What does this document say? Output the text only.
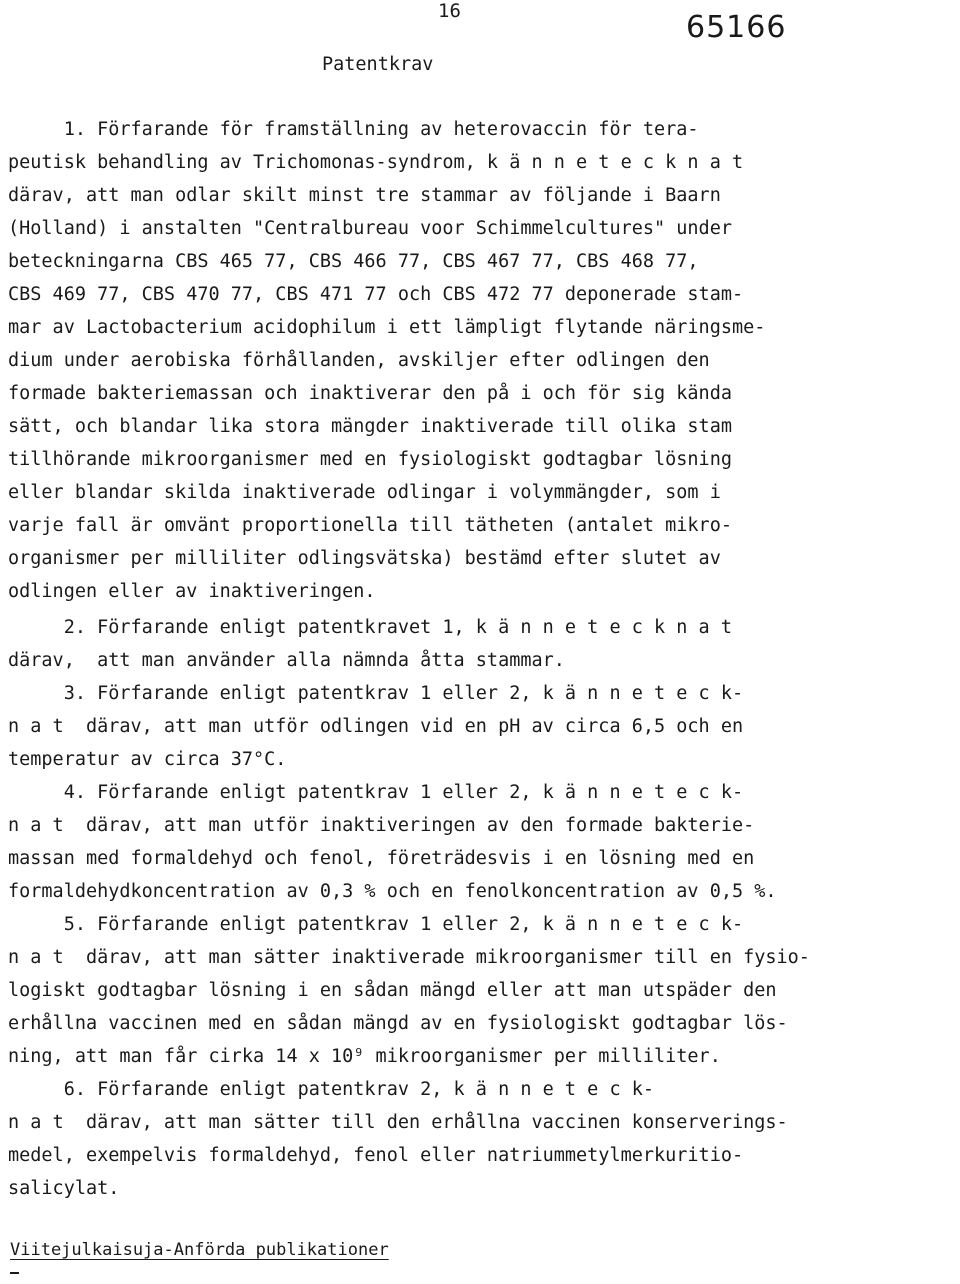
16	65166
Patentkrav
1. Förfarande för framställning av heterovaccin för tera-
peutisk behandling av Trichomonas-syndrom, k ä n n e t e c k n a t
därav, att man odlar skilt minst tre stammar av följande i Baarn
(Holland) i anstalten "Centralbureau voor Schimmelcultures" under
beteckningarna CBS 465 77, CBS 466 77, CBS 467 77, CBS 468 77,
CBS 469 77, CBS 470 77, CBS 471 77 och CBS 472 77 deponerade stam-
mar av Lactobacterium acidophilum i ett lämpligt flytande näringsme-
dium under aerobiska förhållanden, avskiljer efter odlingen den
formade bakteriemassan och inaktiverar den på i och för sig kända
sätt, och blandar lika stora mängder inaktiverade till olika stam
tillhörande mikroorganismer med en fysiologiskt godtagbar lösning
eller blandar skilda inaktiverade odlingar i volymmängder, som i
varje fall är omvänt proportionella till tätheten (antalet mikro-
organismer per milliliter odlingsvätska) bestämd efter slutet av
odlingen eller av inaktiveringen.
2. Förfarande enligt patentkravet 1, k ä n n e t e c k n a t
därav,  att man använder alla nämnda åtta stammar.
3. Förfarande enligt patentkrav 1 eller 2, k ä n n e t e c k-
n a t  därav, att man utför odlingen vid en pH av circa 6,5 och en
temperatur av circa 37°C.
4. Förfarande enligt patentkrav 1 eller 2, k ä n n e t e c k-
n a t  därav, att man utför inaktiveringen av den formade bakterie-
massan med formaldehyd och fenol, företrädesvis i en lösning med en
formaldehydkoncentration av 0,3 % och en fenolkoncentration av 0,5 %.
5. Förfarande enligt patentkrav 1 eller 2, k ä n n e t e c k-
n a t  därav, att man sätter inaktiverade mikroorganismer till en fysio-
logiskt godtagbar lösning i en sådan mängd eller att man utspäder den
erhållna vaccinen med en sådan mängd av en fysiologiskt godtagbar lös-
ning, att man får cirka 14 x 10⁹ mikroorganismer per milliliter.
6. Förfarande enligt patentkrav 2, k ä n n e t e c k-
n a t  därav, att man sätter till den erhållna vaccinen konserverings-
medel, exempelvis formaldehyd, fenol eller natriummetylmerkuritio-
salicylat.
Viitejulkaisuja-Anförda publikationer
